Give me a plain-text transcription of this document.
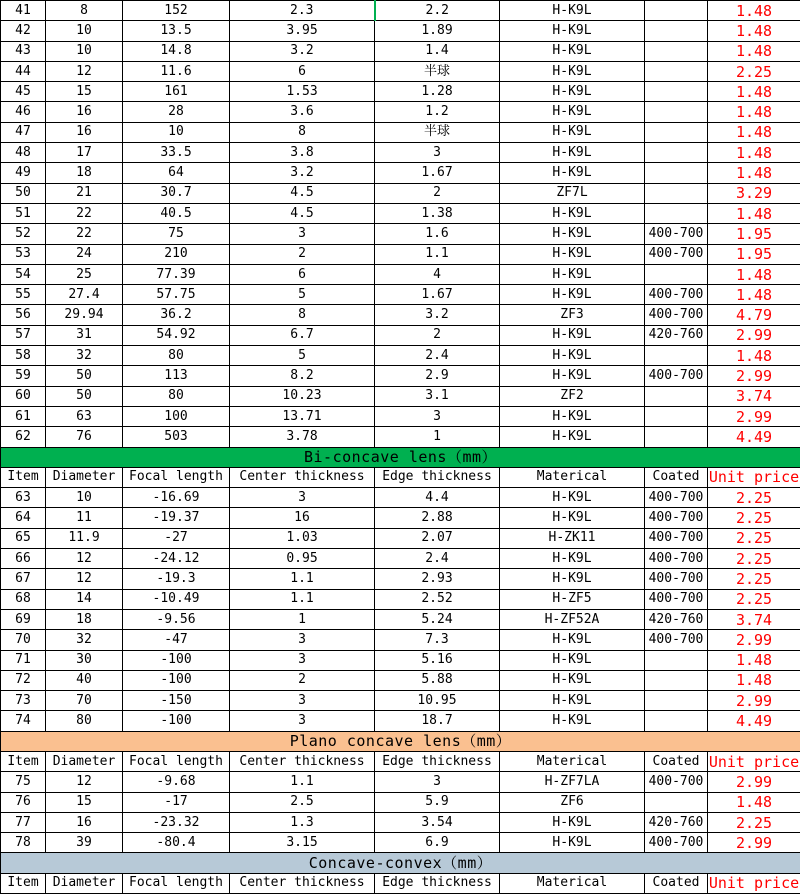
41	8	152	2.3	2.2	H-K9L		1.48
42	10	13.5	3.95	1.89	H-K9L		1.48
43	10	14.8	3.2	1.4	H-K9L		1.48
44	12	11.6	6	半球	H-K9L		2.25
45	15	161	1.53	1.28	H-K9L		1.48
46	16	28	3.6	1.2	H-K9L		1.48
47	16	10	8	半球	H-K9L		1.48
48	17	33.5	3.8	3	H-K9L		1.48
49	18	64	3.2	1.67	H-K9L		1.48
50	21	30.7	4.5	2	ZF7L		3.29
51	22	40.5	4.5	1.38	H-K9L		1.48
52	22	75	3	1.6	H-K9L	400-700	1.95
53	24	210	2	1.1	H-K9L	400-700	1.95
54	25	77.39	6	4	H-K9L		1.48
55	27.4	57.75	5	1.67	H-K9L	400-700	1.48
56	29.94	36.2	8	3.2	ZF3	400-700	4.79
57	31	54.92	6.7	2	H-K9L	420-760	2.99
58	32	80	5	2.4	H-K9L		1.48
59	50	113	8.2	2.9	H-K9L	400-700	2.99
60	50	80	10.23	3.1	ZF2		3.74
61	63	100	13.71	3	H-K9L		2.99
62	76	503	3.78	1	H-K9L		4.49
Bi-concave lens（mm）							
Item	Diameter	Focal length	Center thickness	Edge thickness	Materical	Coated	Unit price
63	10	-16.69	3	4.4	H-K9L	400-700	2.25
64	11	-19.37	16	2.88	H-K9L	400-700	2.25
65	11.9	-27	1.03	2.07	H-ZK11	400-700	2.25
66	12	-24.12	0.95	2.4	H-K9L	400-700	2.25
67	12	-19.3	1.1	2.93	H-K9L	400-700	2.25
68	14	-10.49	1.1	2.52	H-ZF5	400-700	2.25
69	18	-9.56	1	5.24	H-ZF52A	420-760	3.74
70	32	-47	3	7.3	H-K9L	400-700	2.99
71	30	-100	3	5.16	H-K9L		1.48
72	40	-100	2	5.88	H-K9L		1.48
73	70	-150	3	10.95	H-K9L		2.99
74	80	-100	3	18.7	H-K9L		4.49
Plano concave lens（mm）							
Item	Diameter	Focal length	Center thickness	Edge thickness	Materical	Coated	Unit price
75	12	-9.68	1.1	3	H-ZF7LA	400-700	2.99
76	15	-17	2.5	5.9	ZF6		1.48
77	16	-23.32	1.3	3.54	H-K9L	420-760	2.25
78	39	-80.4	3.15	6.9	H-K9L	400-700	2.99
Concave-convex（mm）							
Item	Diameter	Focal length	Center thickness	Edge thickness	Materical	Coated	Unit price
